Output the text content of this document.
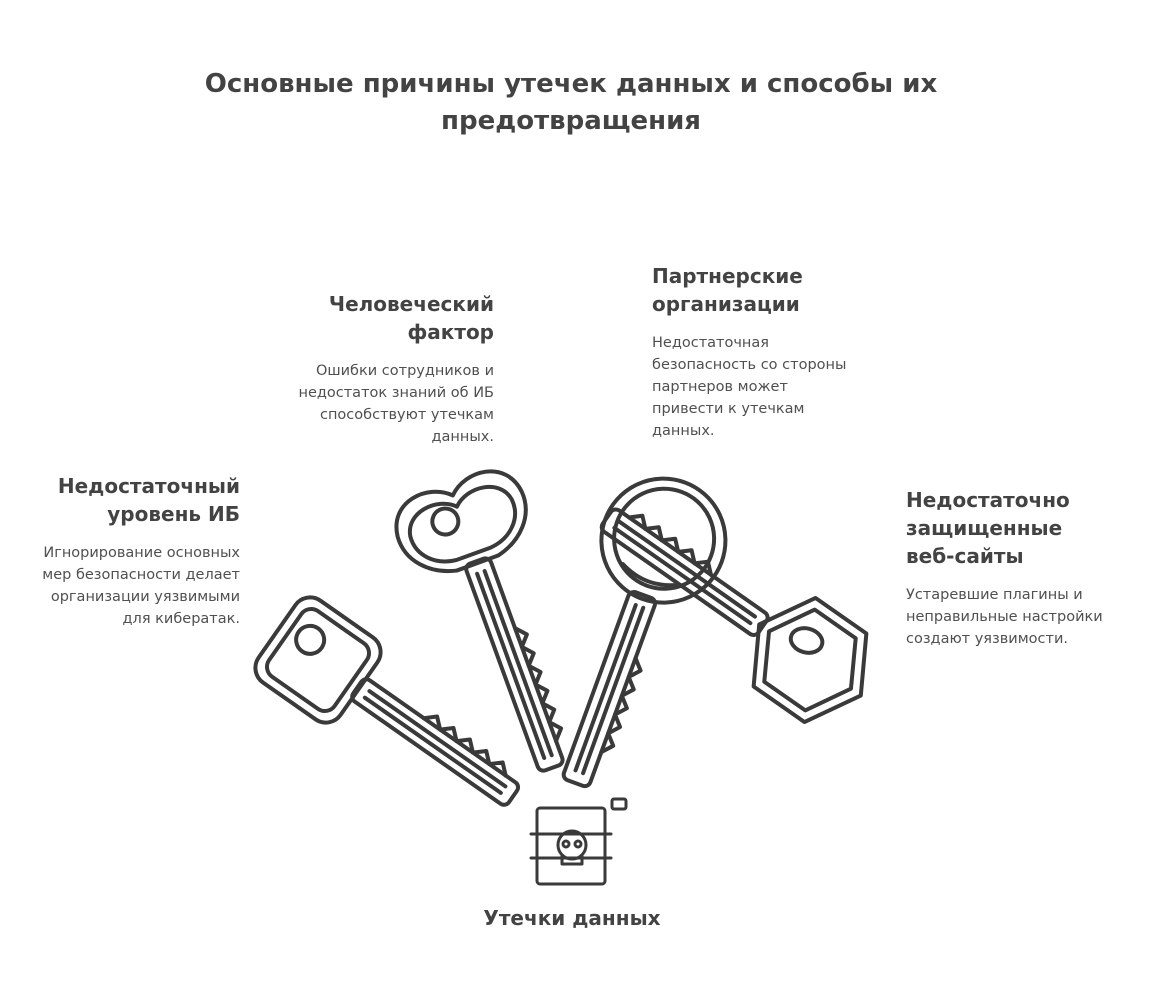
Основные причины утечек данных и способы их предотвращения

Человеческий фактор

Ошибки сотрудников и недостаток знаний об ИБ способствуют утечкам данных.

Партнерские организации

Недостаточная безопасность со стороны партнеров может привести к утечкам данных.

Недостаточный уровень ИБ

Игнорирование основных мер безопасности делает организации уязвимыми для кибератак.

Недостаточно защищенные веб-сайты

Устаревшие плагины и неправильные настройки создают уязвимости.

Утечки данных
